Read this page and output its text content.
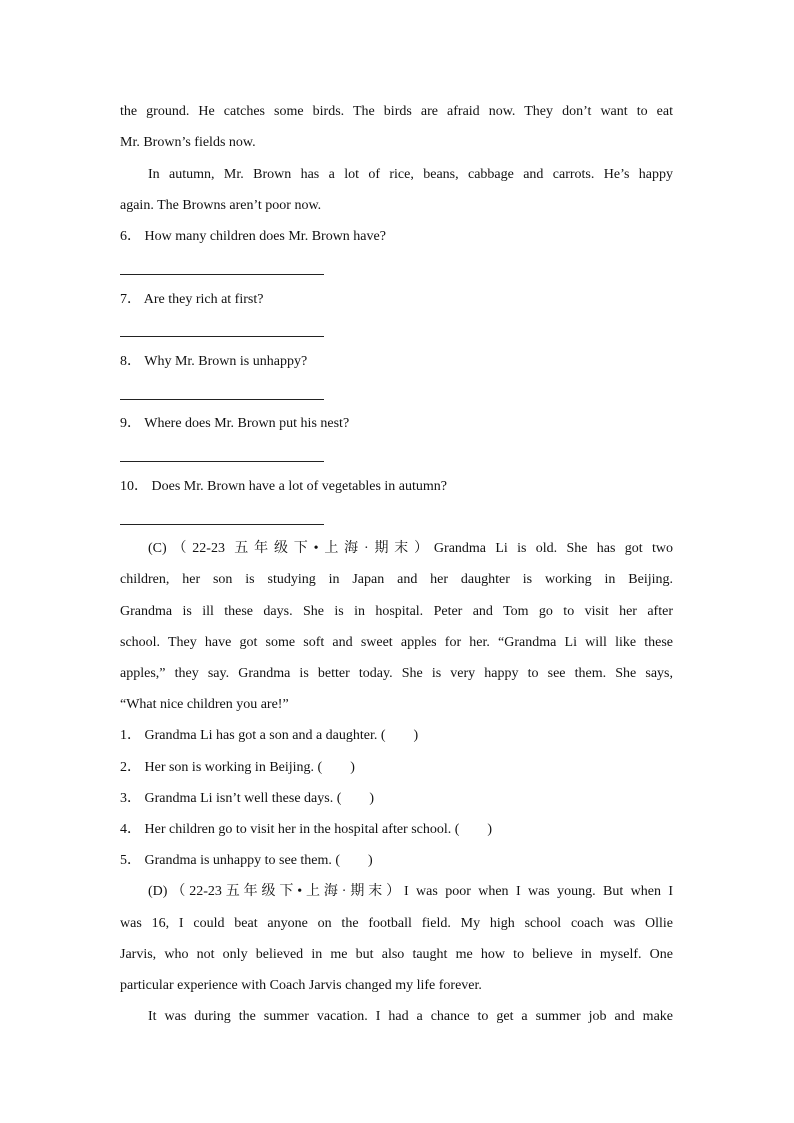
the ground. He catches some birds. The birds are afraid now. They don’t want to eat
Mr. Brown’s fields now.
In autumn, Mr. Brown has a lot of rice, beans, cabbage and carrots. He’s happy
again. The Browns aren’t poor now.
6． How many children does Mr. Brown have?
7． Are they rich at first?
8． Why Mr. Brown is unhappy?
9． Where does Mr. Brown put his nest?
10． Does Mr. Brown have a lot of vegetables in autumn?
(C)（22-23 五年级下•上海·期末）Grandma Li is old. She has got two
children, her son is studying in Japan and her daughter is working in Beijing.
Grandma is ill these days. She is in hospital. Peter and Tom go to visit her after
school. They have got some soft and sweet apples for her. “Grandma Li will like these
apples,” they say. Grandma is better today. She is very happy to see them. She says,
“What nice children you are!”
1． Grandma Li has got a son and a daughter. (　　)
2． Her son is working in Beijing. (　　)
3． Grandma Li isn’t well these days. (　　)
4． Her children go to visit her in the hospital after school. (　　)
5． Grandma is unhappy to see them. (　　)
(D)（22-23五年级下•上海·期末）I was poor when I was young. But when I
was 16, I could beat anyone on the football field. My high school coach was Ollie
Jarvis, who not only believed in me but also taught me how to believe in myself. One
particular experience with Coach Jarvis changed my life forever.
It was during the summer vacation. I had a chance to get a summer job and make
